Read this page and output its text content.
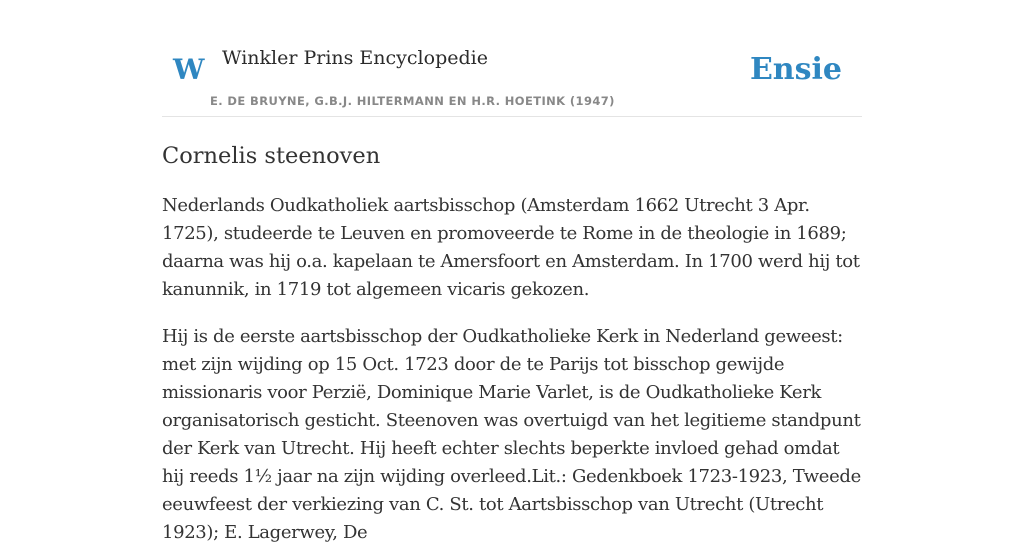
W Winkler Prins Encyclopedie
E. DE BRUYNE, G.B.J. HILTERMANN EN H.R. HOETINK (1947)
Ensie
Cornelis steenoven

Nederlands Oudkatholiek aartsbisschop (Amsterdam 1662 Utrecht 3 Apr. 1725), studeerde te Leuven en promoveerde te Rome in de theologie in 1689; daarna was hij o.a. kapelaan te Amersfoort en Amsterdam. In 1700 werd hij tot kanunnik, in 1719 tot algemeen vicaris gekozen.

Hij is de eerste aartsbisschop der Oudkatholieke Kerk in Nederland geweest: met zijn wijding op 15 Oct. 1723 door de te Parijs tot bisschop gewijde missionaris voor Perzië, Dominique Marie Varlet, is de Oudkatholieke Kerk organisatorisch gesticht. Steenoven was overtuigd van het legitieme standpunt der Kerk van Utrecht. Hij heeft echter slechts beperkte invloed gehad omdat hij reeds 1½ jaar na zijn wijding overleed.Lit.: Gedenkboek 1723-1923, Tweede eeuwfeest der verkiezing van C. St. tot Aartsbisschop van Utrecht (Utrecht 1923); E. Lagerwey, De
